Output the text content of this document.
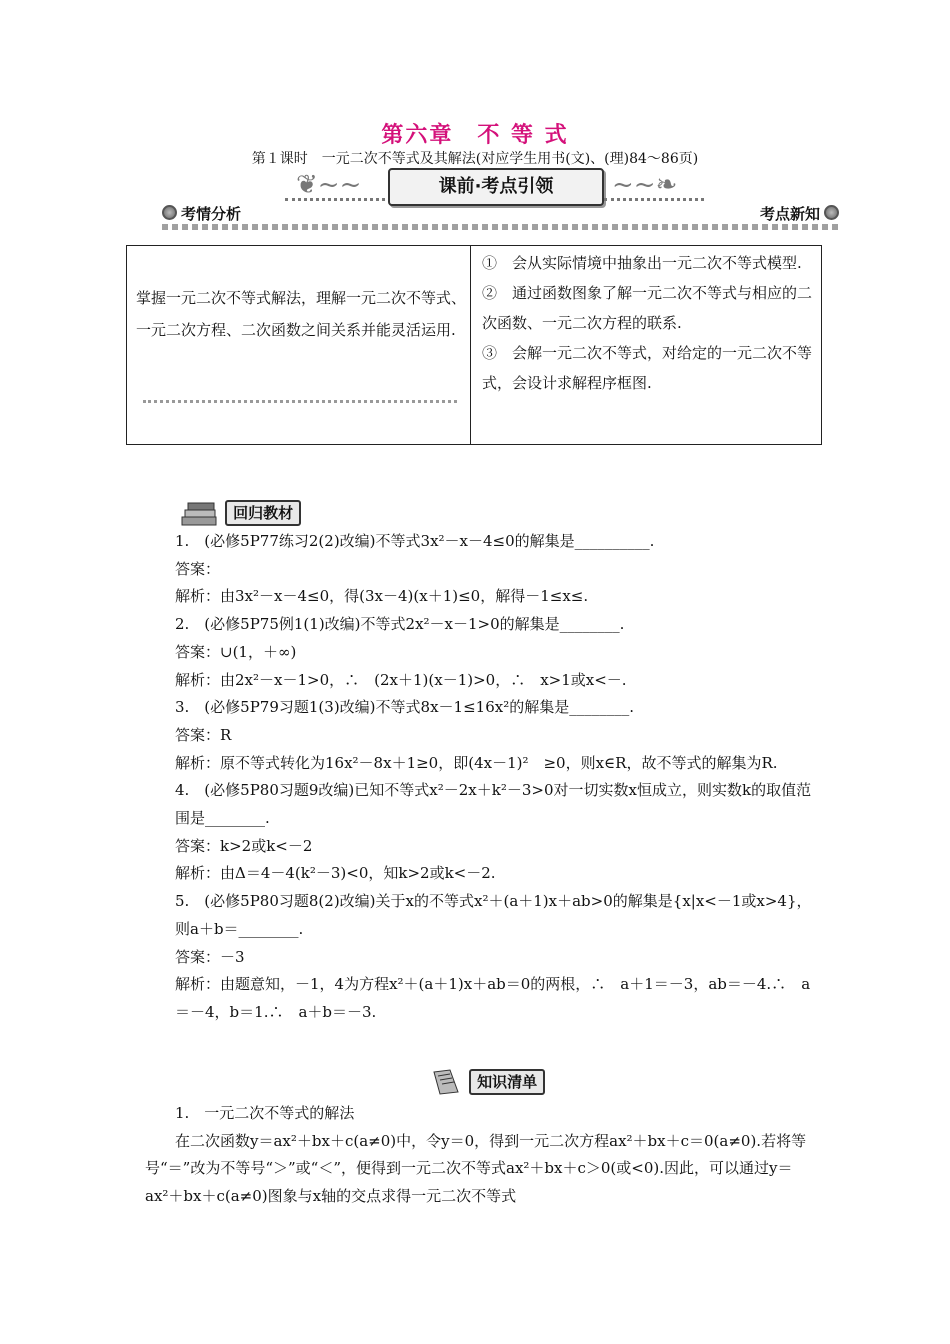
第六章　不 等 式
第１课时　一元二次不等式及其解法(对应学生用书(文)、(理)84～86页)
❦~~	~~❧
课前·考点引领
考情分析	考点新知
掌握一元二次不等式解法，理解一元二次不等式、一元二次方程、二次函数之间关系并能灵活运用.

①　会从实际情境中抽象出一元二次不等式模型.

②　通过函数图象了解一元二次不等式与相应的二次函数、一元二次方程的联系.

③　会解一元二次不等式，对给定的一元二次不等式，会设计求解程序框图.

回归教材

1.　(必修5P77练习2(2)改编)不等式3x²－x－4≤0的解集是__________.

答案：

解析：由3x²－x－4≤0，得(3x－4)(x＋1)≤0，解得－1≤x≤.

2.　(必修5P75例1(1)改编)不等式2x²－x－1>0的解集是________.

答案：∪(1，＋∞)

解析：由2x²－x－1>0，∴　(2x＋1)(x－1)>0，∴　x>1或x<－.

3.　(必修5P79习题1(3)改编)不等式8x－1≤16x²的解集是________.

答案：R

解析：原不等式转化为16x²－8x＋1≥0，即(4x－1)²　≥0，则x∈R，故不等式的解集为R.

4.　(必修5P80习题9改编)已知不等式x²－2x＋k²－3>0对一切实数x恒成立，则实数k的取值范围是________.

答案：k>2或k<－2

解析：由Δ＝4－4(k²－3)<0，知k>2或k<－2.

5.　(必修5P80习题8(2)改编)关于x的不等式x²＋(a＋1)x＋ab>0的解集是{x|x<－1或x>4}，则a＋b＝________.

答案：－3

解析：由题意知，－1，4为方程x²＋(a＋1)x＋ab＝0的两根，∴　a＋1＝－3，ab＝－4.∴　a＝－4，b＝1.∴　a＋b＝－3.

知识清单

1.　一元二次不等式的解法

在二次函数y＝ax²＋bx＋c(a≠0)中，令y＝0，得到一元二次方程ax²＋bx＋c＝0(a≠0).若将等号“＝”改为不等号“＞”或“＜”，便得到一元二次不等式ax²＋bx＋c＞0(或<0).因此，可以通过y＝ax²＋bx＋c(a≠0)图象与x轴的交点求得一元二次不等式
